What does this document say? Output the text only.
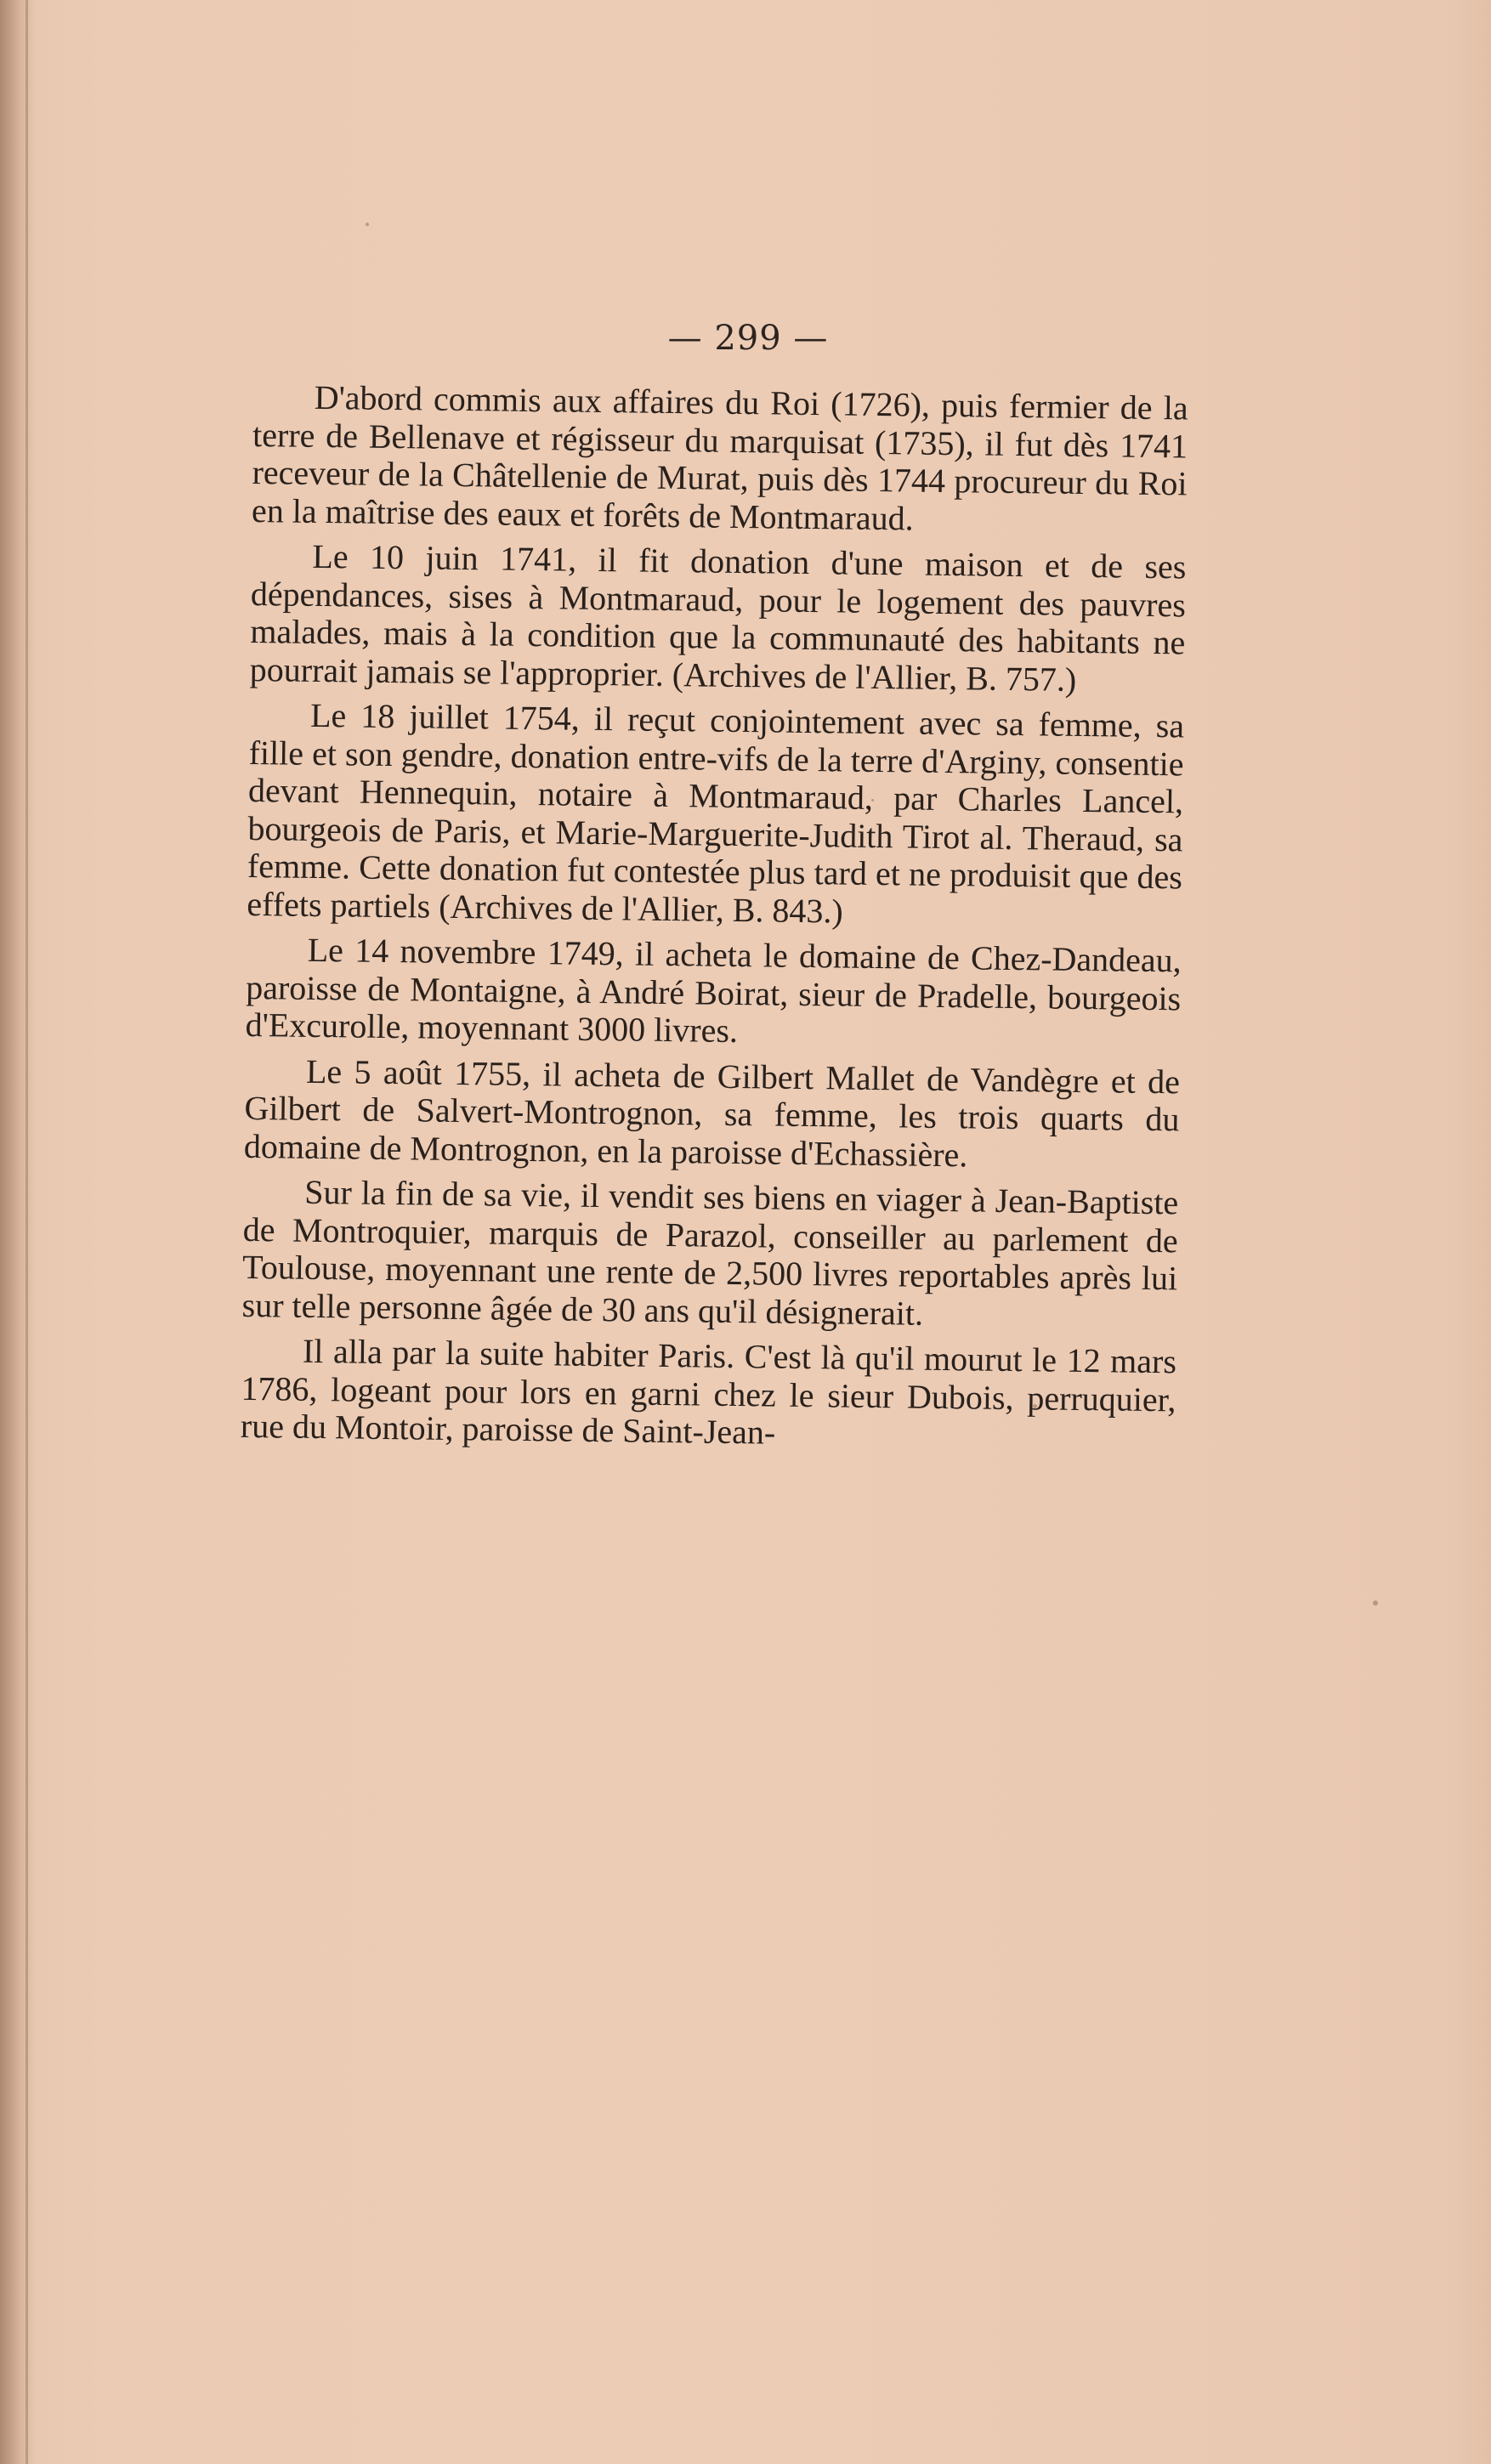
— 299 —

D'abord commis aux affaires du Roi (1726), puis fermier de la terre de Bellenave et régisseur du marquisat (1735), il fut dès 1741 receveur de la Châtellenie de Murat, puis dès 1744 procureur du Roi en la maîtrise des eaux et forêts de Montmaraud.

Le 10 juin 1741, il fit donation d'une maison et de ses dépendances, sises à Montmaraud, pour le logement des pauvres malades, mais à la condition que la communauté des habitants ne pourrait jamais se l'approprier. (Archives de l'Allier, B. 757.)

Le 18 juillet 1754, il reçut conjointement avec sa femme, sa fille et son gendre, donation entre-vifs de la terre d'Arginy, consentie devant Hennequin, notaire à Montmaraud, par Charles Lancel, bourgeois de Paris, et Marie-Marguerite-Judith Tirot al. Theraud, sa femme. Cette donation fut contestée plus tard et ne produisit que des effets partiels (Archives de l'Allier, B. 843.)

Le 14 novembre 1749, il acheta le domaine de Chez-Dandeau, paroisse de Montaigne, à André Boirat, sieur de Pradelle, bourgeois d'Excurolle, moyennant 3000 livres.

Le 5 août 1755, il acheta de Gilbert Mallet de Vandègre et de Gilbert de Salvert-Montrognon, sa femme, les trois quarts du domaine de Montrognon, en la paroisse d'Echassière.

Sur la fin de sa vie, il vendit ses biens en viager à Jean-Baptiste de Montroquier, marquis de Parazol, conseiller au parlement de Toulouse, moyennant une rente de 2,500 livres reportables après lui sur telle personne âgée de 30 ans qu'il désignerait.

Il alla par la suite habiter Paris. C'est là qu'il mourut le 12 mars 1786, logeant pour lors en garni chez le sieur Dubois, perruquier, rue du Montoir, paroisse de Saint-Jean-
